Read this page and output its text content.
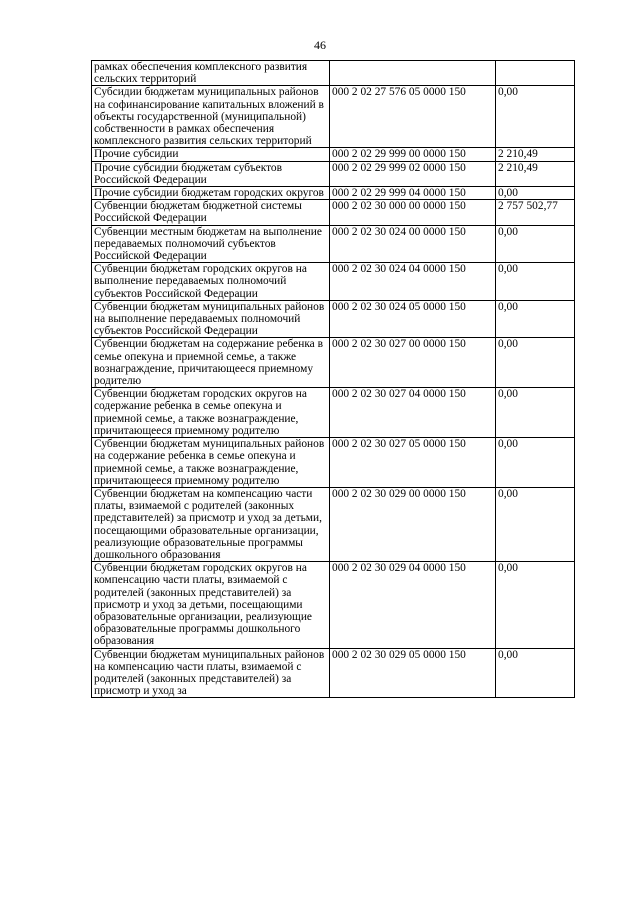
46
рамках обеспечения комплексного развития сельских территорий		
Субсидии бюджетам муниципальных районов на софинансирование капитальных вложений в объекты государственной (муниципальной) собственности в рамках обеспечения комплексного развития сельских территорий	000 2 02 27 576 05 0000 150	0,00
Прочие субсидии	000 2 02 29 999 00 0000 150	2 210,49
Прочие субсидии бюджетам субъектов Российской Федерации	000 2 02 29 999 02 0000 150	2 210,49
Прочие субсидии бюджетам городских округов	000 2 02 29 999 04 0000 150	0,00
Субвенции бюджетам бюджетной системы Российской Федерации	000 2 02 30 000 00 0000 150	2 757 502,77
Субвенции местным бюджетам на выполнение передаваемых полномочий субъектов Российской Федерации	000 2 02 30 024 00 0000 150	0,00
Субвенции бюджетам городских округов на выполнение передаваемых полномочий субъектов Российской Федерации	000 2 02 30 024 04 0000 150	0,00
Субвенции бюджетам муниципальных районов на выполнение передаваемых полномочий субъектов Российской Федерации	000 2 02 30 024 05 0000 150	0,00
Субвенции бюджетам на содержание ребенка в семье опекуна и приемной семье, а также вознаграждение, причитающееся приемному родителю	000 2 02 30 027 00 0000 150	0,00
Субвенции бюджетам городских округов на содержание ребенка в семье опекуна и приемной семье, а также вознаграждение, причитающееся приемному родителю	000 2 02 30 027 04 0000 150	0,00
Субвенции бюджетам муниципальных районов на содержание ребенка в семье опекуна и приемной семье, а также вознаграждение, причитающееся приемному родителю	000 2 02 30 027 05 0000 150	0,00
Субвенции бюджетам на компенсацию части платы, взимаемой с родителей (законных представителей) за присмотр и уход за детьми, посещающими образовательные организации, реализующие образовательные программы дошкольного образования	000 2 02 30 029 00 0000 150	0,00
Субвенции бюджетам городских округов на компенсацию части платы, взимаемой с родителей (законных представителей) за присмотр и уход за детьми, посещающими образовательные организации, реализующие образовательные программы дошкольного образования	000 2 02 30 029 04 0000 150	0,00
Субвенции бюджетам муниципальных районов на компенсацию части платы, взимаемой с родителей (законных представителей) за присмотр и уход за	000 2 02 30 029 05 0000 150	0,00
